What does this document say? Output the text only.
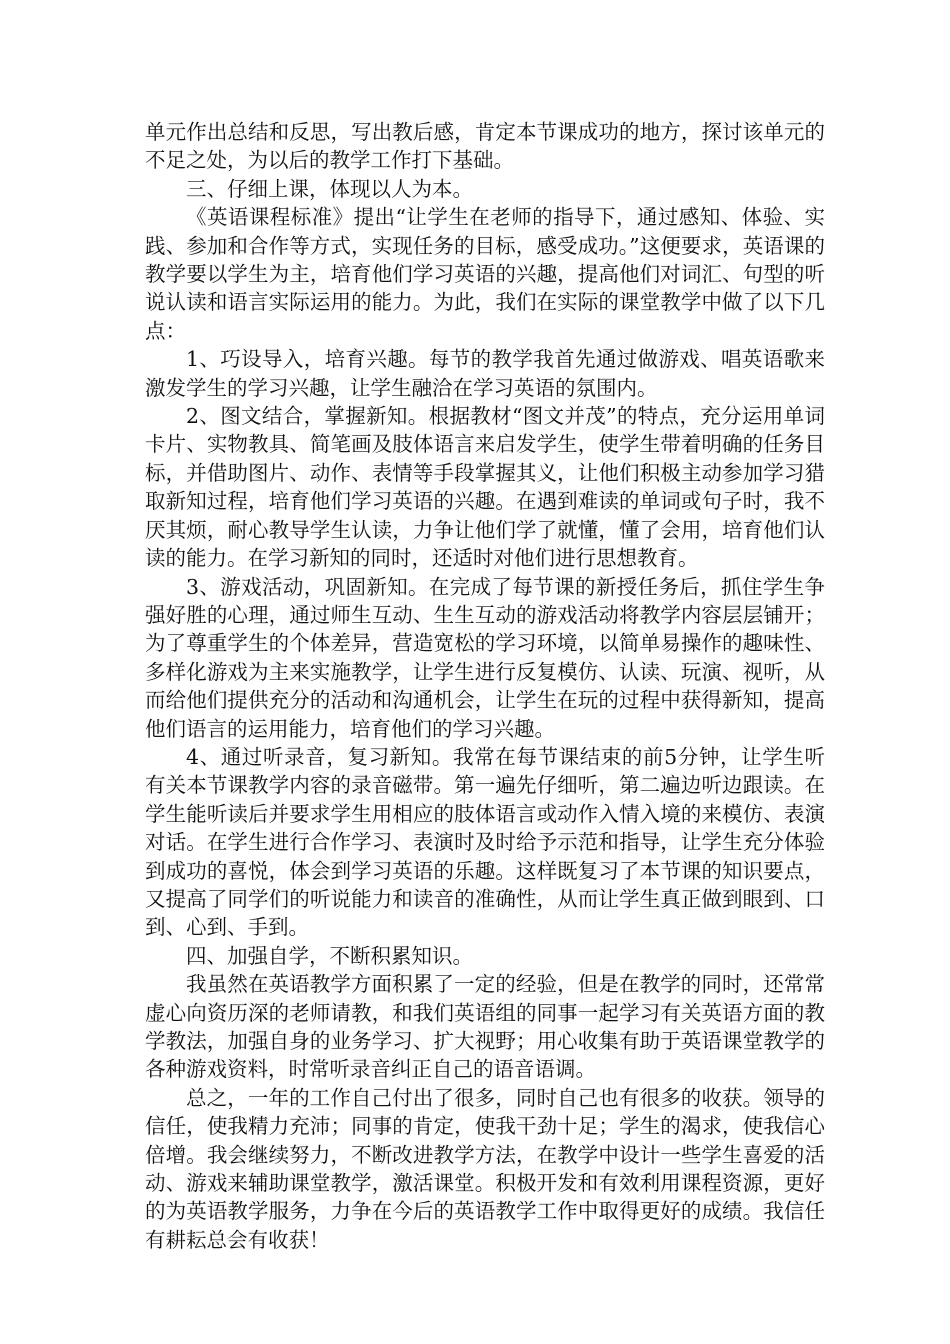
单元作出总结和反思，写出教后感，肯定本节课成功的地方，探讨该单元的不足之处，为以后的教学工作打下基础。

三、仔细上课，体现以人为本。

《英语课程标准》提出“让学生在老师的指导下，通过感知、体验、实践、参加和合作等方式，实现任务的目标，感受成功。”这便要求，英语课的教学要以学生为主，培育他们学习英语的兴趣，提高他们对词汇、句型的听说认读和语言实际运用的能力。为此，我们在实际的课堂教学中做了以下几点：

1、巧设导入，培育兴趣。每节的教学我首先通过做游戏、唱英语歌来激发学生的学习兴趣，让学生融洽在学习英语的氛围内。

2、图文结合，掌握新知。根据教材“图文并茂”的特点，充分运用单词卡片、实物教具、简笔画及肢体语言来启发学生，使学生带着明确的任务目标，并借助图片、动作、表情等手段掌握其义，让他们积极主动参加学习猎取新知过程，培育他们学习英语的兴趣。在遇到难读的单词或句子时，我不厌其烦，耐心教导学生认读，力争让他们学了就懂，懂了会用，培育他们认读的能力。在学习新知的同时，还适时对他们进行思想教育。

3、游戏活动，巩固新知。在完成了每节课的新授任务后，抓住学生争强好胜的心理，通过师生互动、生生互动的游戏活动将教学内容层层铺开；为了尊重学生的个体差异，营造宽松的学习环境，以简单易操作的趣味性、多样化游戏为主来实施教学，让学生进行反复模仿、认读、玩演、视听，从而给他们提供充分的活动和沟通机会，让学生在玩的过程中获得新知，提高他们语言的运用能力，培育他们的学习兴趣。

4、通过听录音，复习新知。我常在每节课结束的前5分钟，让学生听有关本节课教学内容的录音磁带。第一遍先仔细听，第二遍边听边跟读。在学生能听读后并要求学生用相应的肢体语言或动作入情入境的来模仿、表演对话。在学生进行合作学习、表演时及时给予示范和指导，让学生充分体验到成功的喜悦，体会到学习英语的乐趣。这样既复习了本节课的知识要点，又提高了同学们的听说能力和读音的准确性，从而让学生真正做到眼到、口到、心到、手到。

四、加强自学，不断积累知识。

我虽然在英语教学方面积累了一定的经验，但是在教学的同时，还常常虚心向资历深的老师请教，和我们英语组的同事一起学习有关英语方面的教学教法，加强自身的业务学习、扩大视野；用心收集有助于英语课堂教学的各种游戏资料，时常听录音纠正自己的语音语调。

总之，一年的工作自己付出了很多，同时自己也有很多的收获。领导的信任，使我精力充沛；同事的肯定，使我干劲十足；学生的渴求，使我信心倍增。我会继续努力，不断改进教学方法，在教学中设计一些学生喜爱的活动、游戏来辅助课堂教学，激活课堂。积极开发和有效利用课程资源，更好的为英语教学服务，力争在今后的英语教学工作中取得更好的成绩。我信任有耕耘总会有收获！
